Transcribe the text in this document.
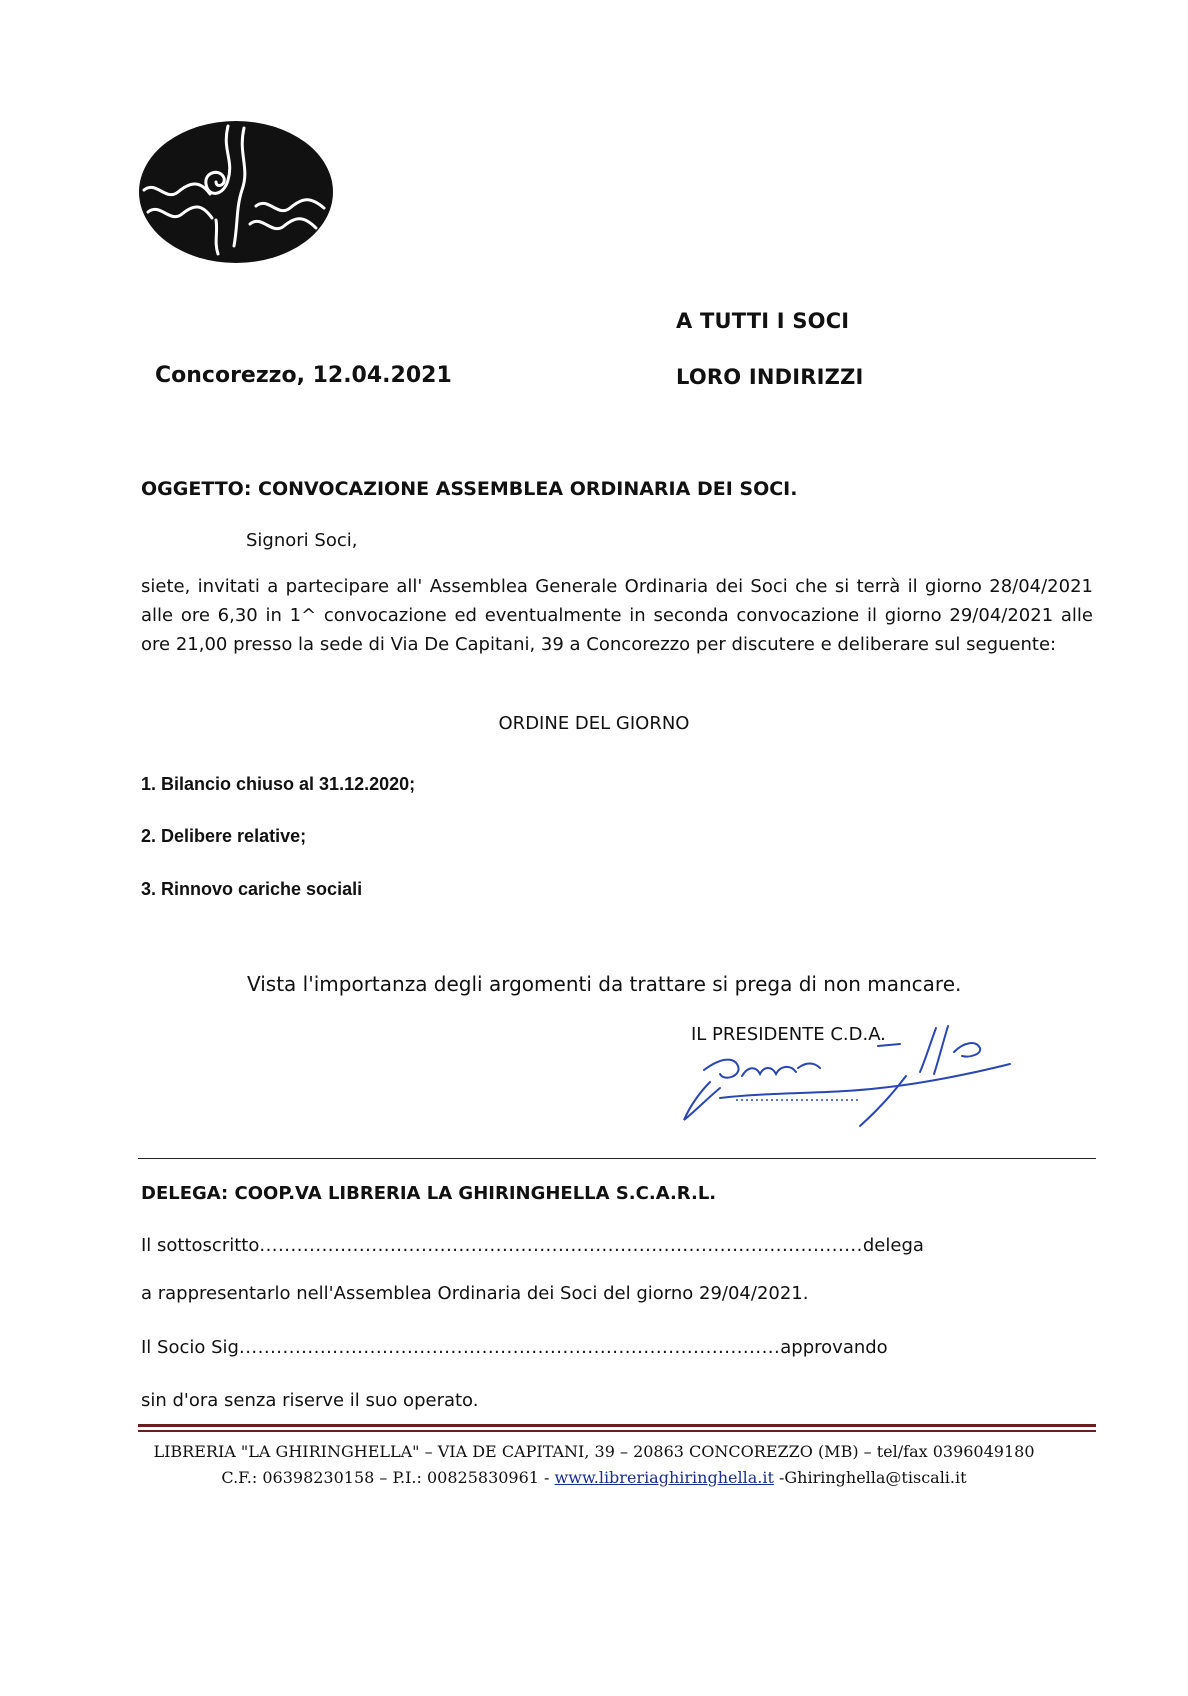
A TUTTI I SOCI
LORO INDIRIZZI
Concorezzo, 12.04.2021
OGGETTO: CONVOCAZIONE ASSEMBLEA ORDINARIA DEI SOCI.
Signori Soci,

siete, invitati a partecipare all' Assemblea Generale Ordinaria dei Soci che si terrà il giorno 28/04/2021 alle ore 6,30 in 1^ convocazione ed eventualmente in seconda convocazione il giorno 29/04/2021 alle ore 21,00 presso la sede di Via De Capitani, 39 a Concorezzo per discutere e deliberare sul seguente:

ORDINE DEL GIORNO
1. Bilancio chiuso al 31.12.2020;
2. Delibere relative;
3. Rinnovo cariche sociali
Vista l'importanza degli argomenti da trattare si prega di non mancare.
IL PRESIDENTE C.D.A.
DELEGA: COOP.VA LIBRERIA LA GHIRINGHELLA S.C.A.R.L.
Il sottoscritto.................................................................................................delega
a rappresentarlo nell'Assemblea Ordinaria dei Soci del giorno 29/04/2021.
Il Socio Sig.......................................................................................approvando
sin d'ora senza riserve il suo operato.
LIBRERIA "LA GHIRINGHELLA" – VIA DE CAPITANI, 39 – 20863 CONCOREZZO (MB) – tel/fax 0396049180
C.F.: 06398230158 – P.I.: 00825830961 - www.libreriaghiringhella.it -Ghiringhella@tiscali.it
